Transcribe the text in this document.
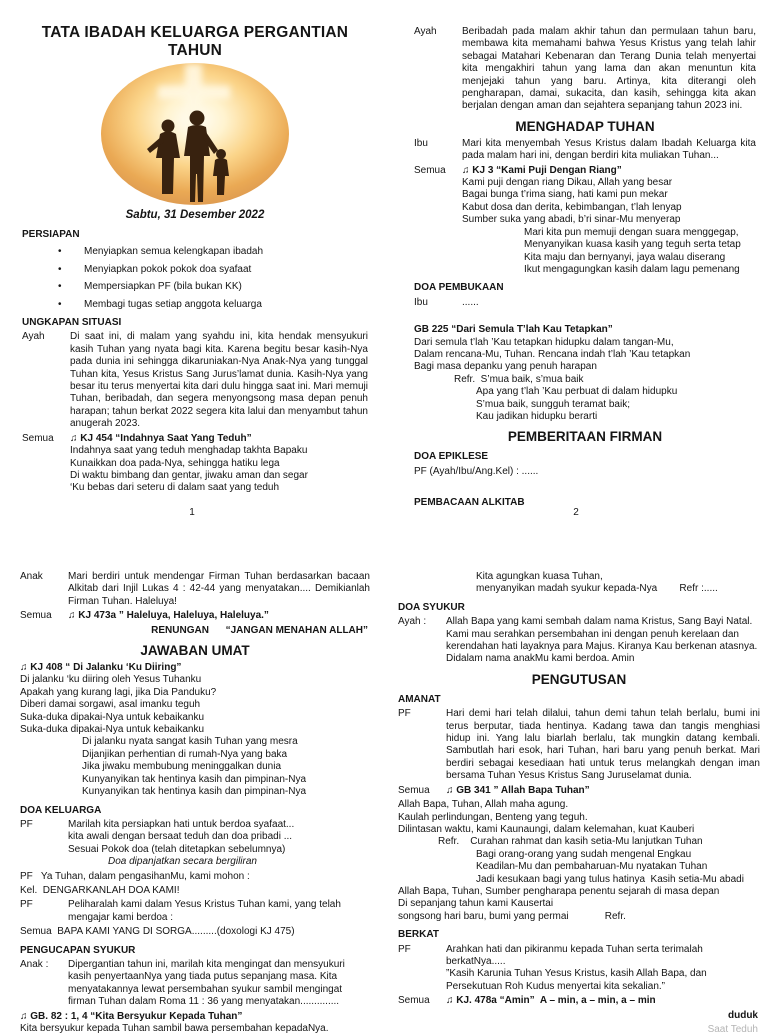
TATA IBADAH KELUARGA PERGANTIAN TAHUN
Sabtu, 31 Desember 2022
PERSIAPAN
•	Menyiapkan semua kelengkapan ibadah
•	Menyiapkan pokok pokok doa syafaat
•	Mempersiapkan PF (bila bukan KK)
•	Membagi tugas setiap anggota keluarga
UNGKAPAN SITUASI
Ayah	Di saat ini, di malam yang syahdu ini, kita hendak mensyukuri kasih Tuhan yang nyata bagi kita. Karena begitu besar kasih-Nya pada dunia ini sehingga dikaruniakan-Nya Anak-Nya yang tunggal Tuhan kita, Yesus Kristus Sang Jurus’lamat dunia. Kasih-Nya yang besar itu terus menyertai kita dari dulu hingga saat ini. Mari memuji Tuhan, beribadah, dan segera menyongsong masa depan penuh harapan; tahun berkat 2022 segera kita lalui dan menyambut tahun anugerah 2023.
Semua	♫ KJ 454 “Indahnya Saat Yang Teduh”
Indahnya saat yang teduh menghadap takhta Bapaku
Kunaikkan doa pada-Nya, sehingga hatiku lega
Di waktu bimbang dan gentar, jiwaku aman dan segar
‘Ku bebas dari seteru di dalam saat yang teduh
1
Ayah	Beribadah pada malam akhir tahun dan permulaan tahun baru, membawa kita memahami bahwa Yesus Kristus yang telah lahir sebagai Matahari Kebenaran dan Terang Dunia telah menyertai kita mengakhiri tahun yang lama dan akan menuntun kita menjejaki tahun yang baru. Artinya, kita diterangi oleh pengharapan, damai, sukacita, dan kasih, sehingga kita akan berjalan dengan aman dan sejahtera sepanjang tahun 2023 ini.
MENGHADAP TUHAN
Ibu	Mari kita menyembah Yesus Kristus dalam Ibadah Keluarga kita pada malam hari ini, dengan berdiri kita muliakan Tuhan...
Semua	♫ KJ 3 “Kami Puji Dengan Riang”
Kami puji dengan riang Dikau, Allah yang besar
Bagai bunga t’rima siang, hati kami pun mekar
Kabut dosa dan derita, kebimbangan, t’lah lenyap
Sumber suka yang abadi, b’ri sinar-Mu menyerap
Mari kita pun memuji dengan suara menggegap,
Menyanyikan kuasa kasih yang teguh serta tetap
Kita maju dan bernyanyi, jaya walau diserang
Ikut mengagungkan kasih dalam lagu pemenang
DOA PEMBUKAAN
Ibu	......
GB 225 “Dari Semula T’lah Kau Tetapkan”
Dari semula t’lah ’Kau tetapkan hidupku dalam tangan-Mu,
Dalam rencana-Mu, Tuhan. Rencana indah t’lah ’Kau tetapkan
Bagi masa depanku yang penuh harapan
Refr.  S’mua baik, s’mua baik
Apa yang t’lah ’Kau perbuat di dalam hidupku
S’mua baik, sungguh teramat baik;
Kau jadikan hidupku berarti
PEMBERITAAN FIRMAN
DOA EPIKLESE
PF (Ayah/Ibu/Ang.Kel) : ......
PEMBACAAN ALKITAB
2
Anak	Mari berdiri untuk mendengar Firman Tuhan berdasarkan bacaan Alkitab dari Injil Lukas 4 : 42-44 yang menyatakan.... Demikianlah Firman Tuhan. Haleluya!
Semua	♫ KJ 473a ” Haleluya, Haleluya, Haleluya.”
RENUNGAN      “JANGAN MENAHAN ALLAH”
JAWABAN UMAT
♫ KJ 408 “ Di Jalanku ‘Ku Diiring”
Di jalanku ‘ku diiring oleh Yesus Tuhanku
Apakah yang kurang lagi, jika Dia Panduku?
Diberi damai sorgawi, asal imanku teguh
Suka-duka dipakai-Nya untuk kebaikanku
Suka-duka dipakai-Nya untuk kebaikanku
Di jalanku nyata sangat kasih Tuhan yang mesra
Dijanjikan perhentian di rumah-Nya yang baka
Jika jiwaku membubung meninggalkan dunia
Kunyanyikan tak hentinya kasih dan pimpinan-Nya
Kunyanyikan tak hentinya kasih dan pimpinan-Nya
DOA KELUARGA
PF	Marilah kita persiapkan hati untuk berdoa syafaat...
kita awali dengan bersaat teduh dan doa pribadi ...
Sesuai Pokok doa (telah ditetapkan sebelumnya)
Doa dipanjatkan secara bergiliran
PF   Ya Tuhan, dalam pengasihanMu, kami mohon :
Kel.  DENGARKANLAH DOA KAMI!
PF	Peliharalah kami dalam Yesus Kristus Tuhan kami, yang telah mengajar kami berdoa :
Semua  BAPA KAMI YANG DI SORGA.........(doxologi KJ 475)
PENGUCAPAN SYUKUR
Anak :	Dipergantian tahun ini, marilah kita mengingat dan mensyukuri kasih penyertaanNya yang tiada putus sepanjang masa. Kita menyatakannya lewat persembahan syukur sambil mengingat firman Tuhan dalam Roma 11 : 36 yang menyatakan..............
♫ GB. 82 : 1, 4 “Kita Bersyukur Kepada Tuhan”
Kita bersyukur kepada Tuhan sambil bawa persembahan kepadaNya.
Kita agungkan kuasa Tuhan,
menyanyikan madah syukur kepada-Nya        Refr :.....
DOA SYUKUR
Ayah :	Allah Bapa yang kami sembah dalam nama Kristus, Sang Bayi Natal. Kami mau serahkan persembahan ini dengan penuh kerelaan dan kerendahan hati layaknya para Majus. Kiranya Kau berkenan atasnya. Didalam nama anakMu kami berdoa. Amin
PENGUTUSAN
AMANAT
PF	Hari demi hari telah dilalui, tahun demi tahun telah berlalu, bumi ini terus berputar, tiada hentinya. Kadang tawa dan tangis menghiasi hidup ini. Yang lalu biarlah berlalu, tak mungkin datang kembali. Sambutlah hari esok, hari Tuhan, hari baru yang penuh berkat. Mari berdiri sebagai kesediaan hati untuk terus melangkah dengan iman bersama Tuhan Yesus Kristus Sang Juruselamat dunia.
Semua	♫ GB 341 ” Allah Bapa Tuhan”
Allah Bapa, Tuhan, Allah maha agung.
Kaulah perlindungan, Benteng yang teguh.
Dilintasan waktu, kami Kaunaungi, dalam kelemahan, kuat Kauberi
Refr.    Curahan rahmat dan kasih setia-Mu lanjutkan Tuhan
Bagi orang-orang yang sudah mengenal Engkau
Keadilan-Mu dan pembaharuan-Mu nyatakan Tuhan
Jadi kesukaan bagi yang tulus hatinya  Kasih setia-Mu abadi
Allah Bapa, Tuhan, Sumber pengharapa penentu sejarah di masa depan
Di sepanjang tahun kami Kausertai
songsong hari baru, bumi yang permai             Refr.
BERKAT
PF	Arahkan hati dan pikiranmu kepada Tuhan serta terimalah berkatNya.....
”Kasih Karunia Tuhan Yesus Kristus, kasih Allah Bapa, dan Persekutuan Roh Kudus menyertai kita sekalian.”
Semua	♫ KJ. 478a “Amin”  A – min, a – min, a – min
duduk
Saat Teduh
